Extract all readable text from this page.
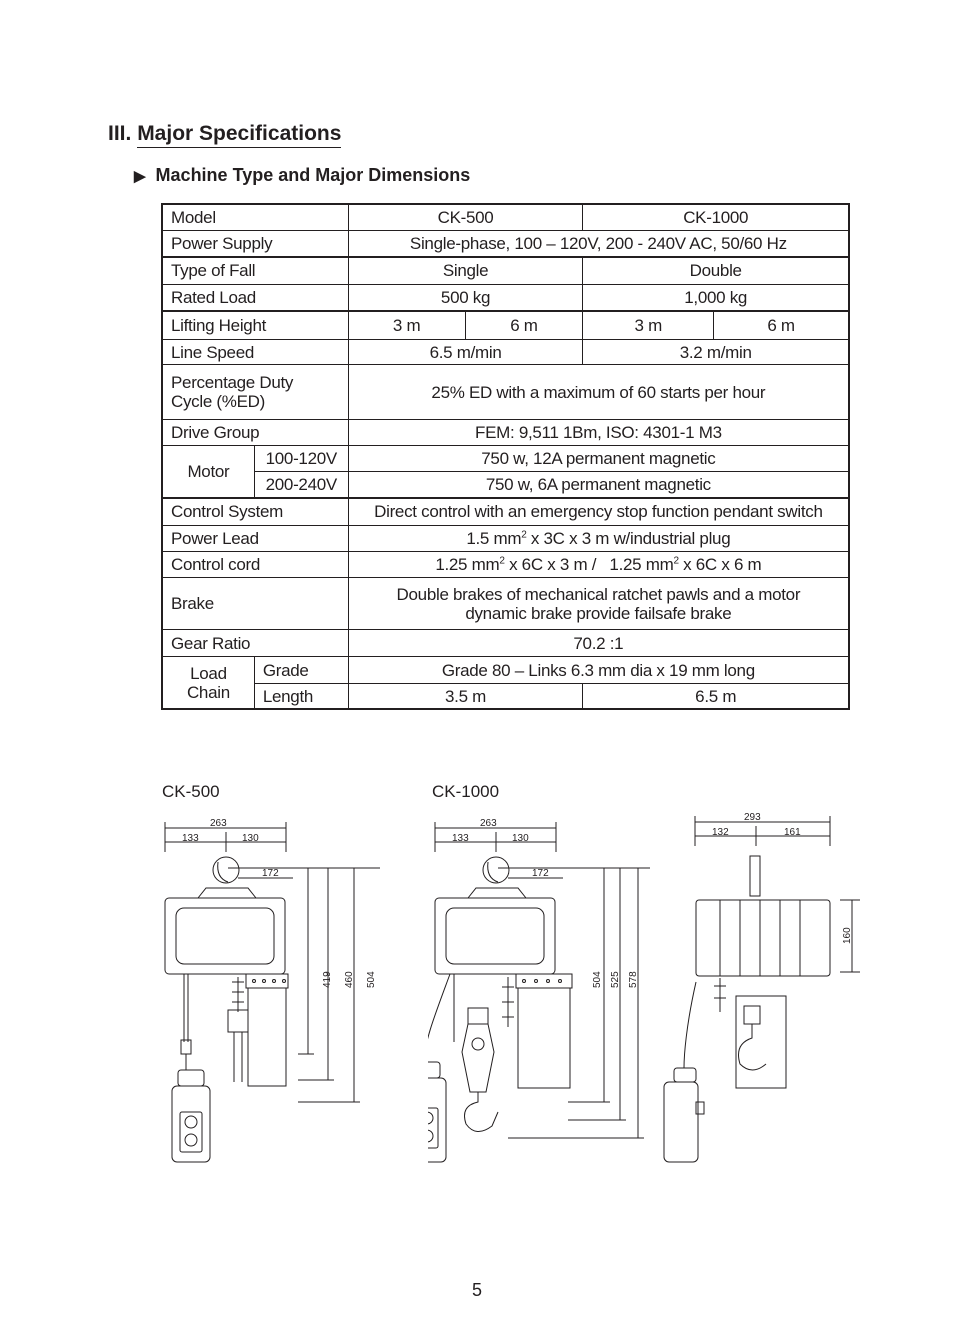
III. Major Specifications
▶ Machine Type and Major Dimensions
Model		CK-500		CK-1000	
Power Supply		Single-phase, 100 – 120V, 200 - 240V AC, 50/60 Hz			
Type of Fall		Single		Double	
Rated Load		500 kg		1,000 kg	
Lifting Height		3 m	6 m	3 m	6 m
Line Speed		6.5 m/min		3.2 m/min	
Percentage Duty
Cycle (%ED)		25% ED with a maximum of 60 starts per hour			
Drive Group		FEM: 9,511 1Bm, ISO: 4301-1 M3			
Motor	100-120V	750 w, 12A permanent magnetic			
	200-240V	750 w, 6A permanent magnetic			
Control System		Direct control with an emergency stop function pendant switch			
Power Lead		1.5 $mm^2$ x 3C x 3 m w/industrial plug			
Control cord		1.25 $mm^2$ x 6C x 3 m /   1.25 $mm^2$ x 6C x 6 m			
Brake		Double brakes of mechanical ratchet pawls and a motor
dynamic brake provide failsafe brake			
Gear Ratio		70.2 :1			
Load
Chain	Grade	Grade 80 – Links 6.3 mm dia x 19 mm long			
	Length	3.5 m		6.5 m	
CK-500	CK-1000
263
133	130
172
419 460 504
263
133	130
172
504 525 578
293
132	161
160
5
